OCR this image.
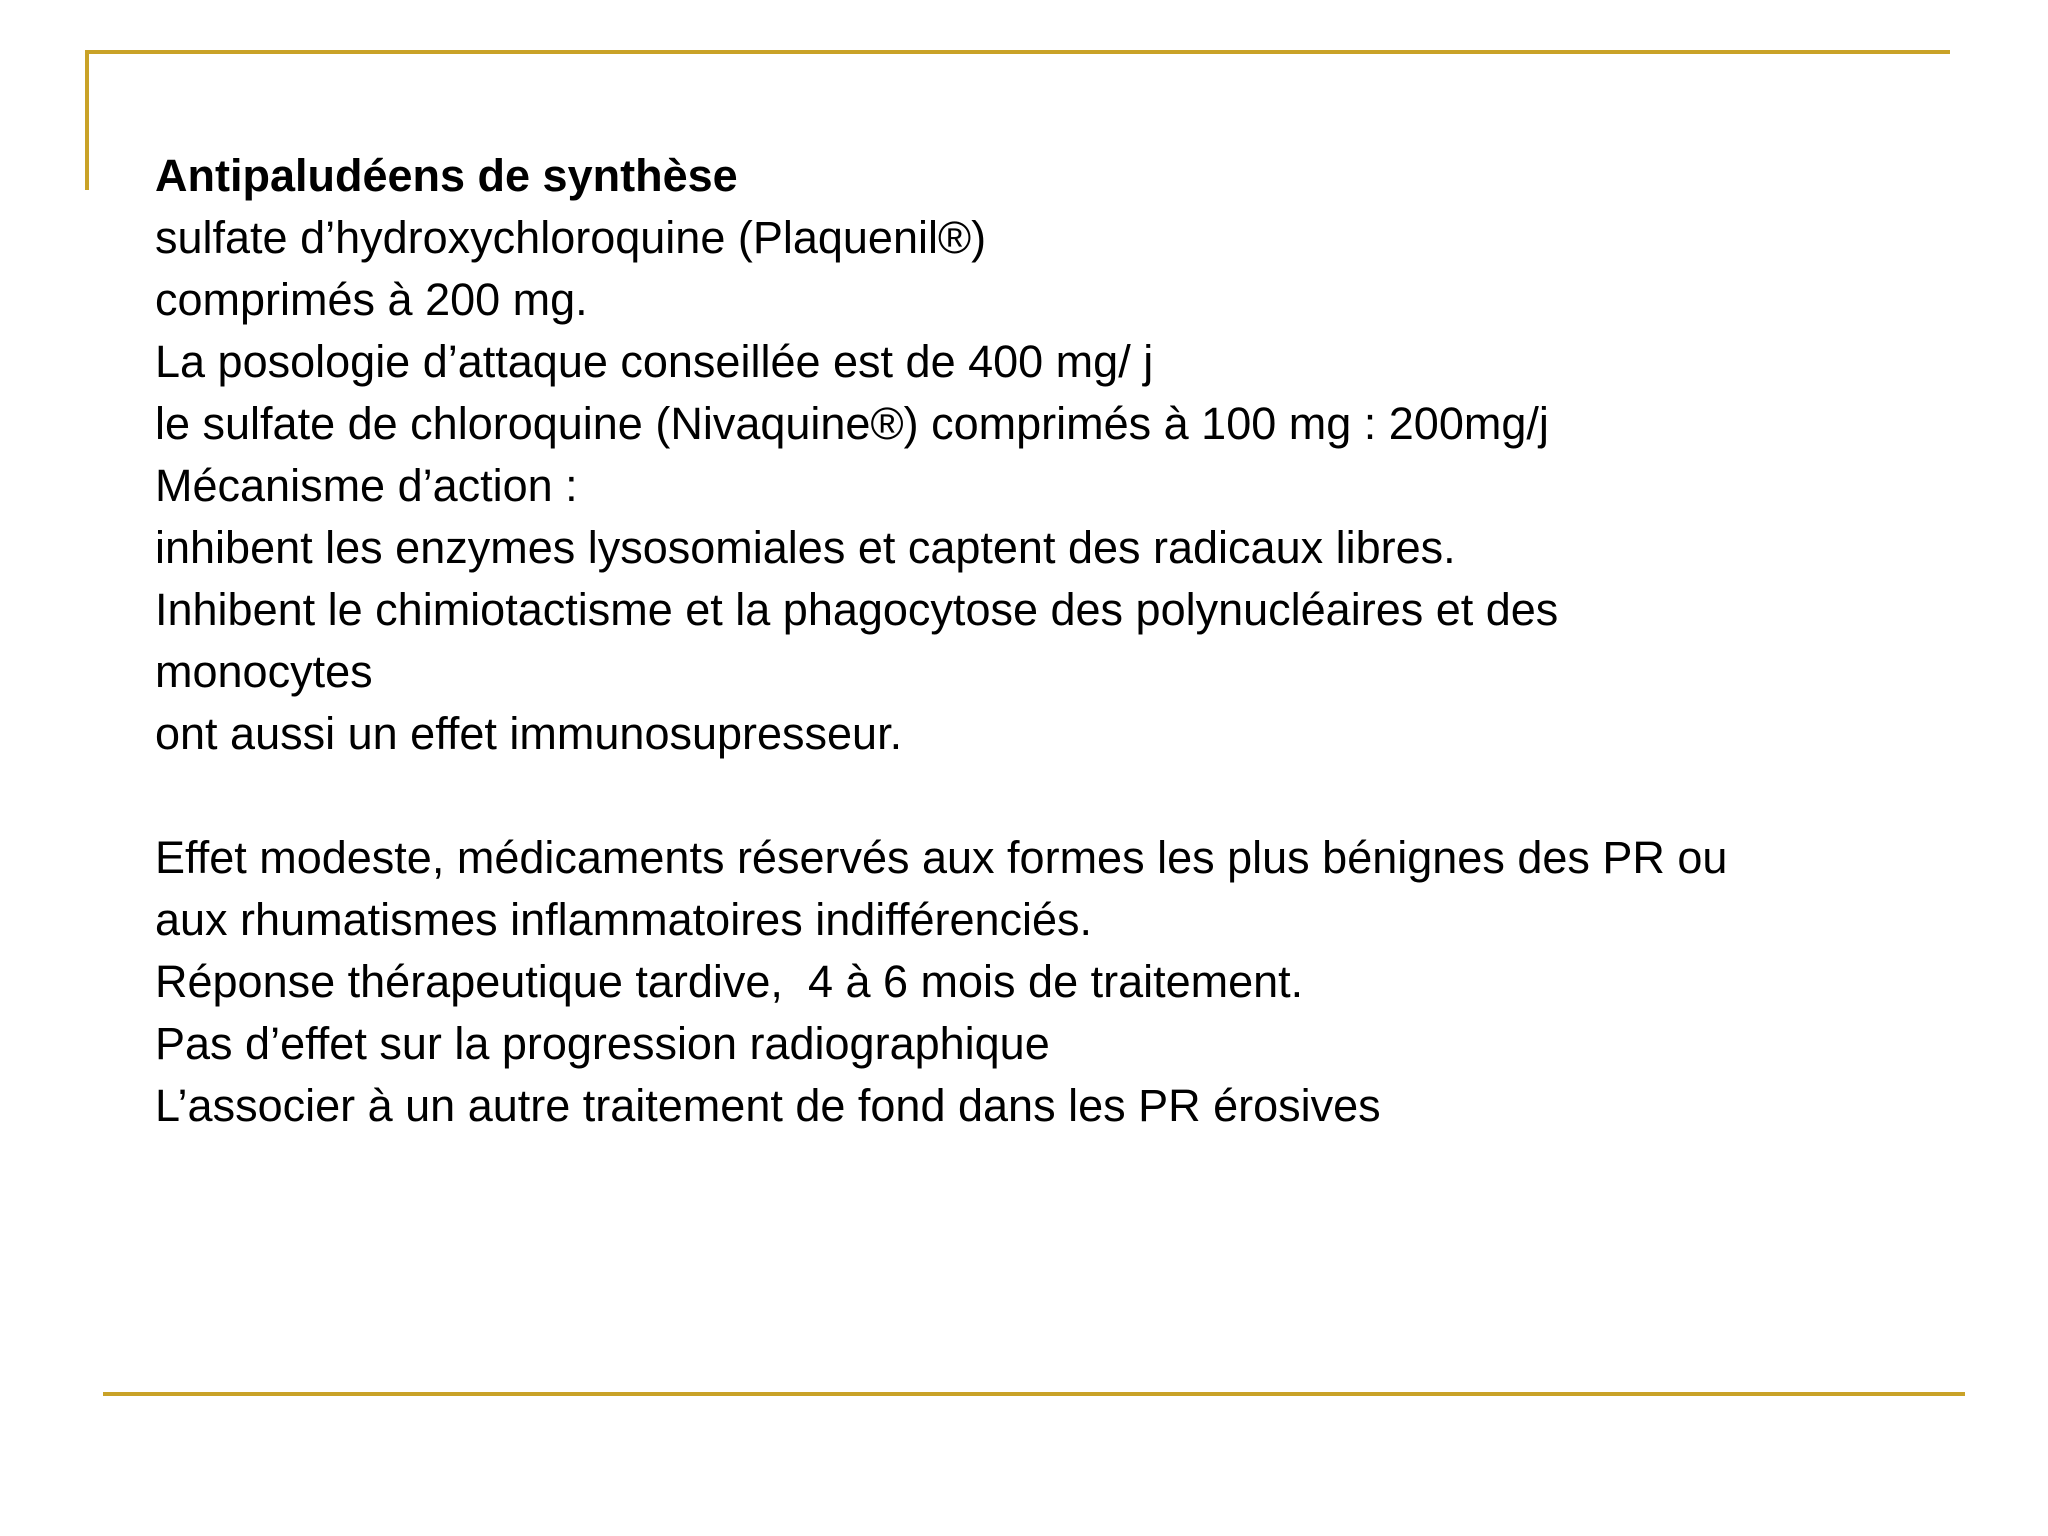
Antipaludéens de synthèse
sulfate d’hydroxychloroquine (Plaquenil®)
comprimés à 200 mg.
La posologie d’attaque conseillée est de 400 mg/ j
le sulfate de chloroquine (Nivaquine®) comprimés à 100 mg : 200mg/j
Mécanisme d’action :
inhibent les enzymes lysosomiales et captent des radicaux libres.
Inhibent le chimiotactisme et la phagocytose des polynucléaires et des
monocytes
ont aussi un effet immunosupresseur.
Effet modeste, médicaments réservés aux formes les plus bénignes des PR ou
aux rhumatismes inflammatoires indifférenciés.
Réponse thérapeutique tardive,  4 à 6 mois de traitement.
Pas d’effet sur la progression radiographique
L’associer à un autre traitement de fond dans les PR érosives
